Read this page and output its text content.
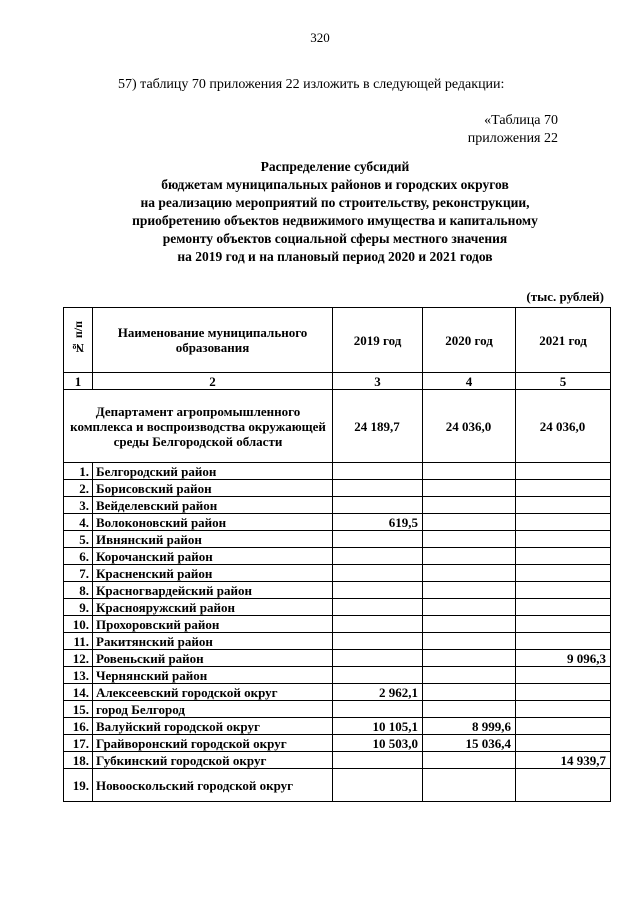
320
57) таблицу 70 приложения 22 изложить в следующей редакции:
«Таблица 70
приложения 22
Распределение субсидий
бюджетам муниципальных районов и городских округов
на реализацию мероприятий по строительству, реконструкции,
приобретению объектов недвижимого имущества и капитальному
ремонту объектов социальной сферы местного значения
на 2019 год и на плановый период 2020 и 2021 годов
(тыс. рублей)
№ п/п	Наименование муниципального образования	2019 год	2020 год	2021 год
1	2	3	4	5
Департамент агропромышленного комплекса и воспроизводства окружающей среды Белгородской области		24 189,7	24 036,0	24 036,0
1.	Белгородский район			
2.	Борисовский район			
3.	Вейделевский район			
4.	Волоконовский район	619,5		
5.	Ивнянский район			
6.	Корочанский район			
7.	Красненский район			
8.	Красногвардейский район			
9.	Краснояружский район			
10.	Прохоровский район			
11.	Ракитянский район			
12.	Ровеньский район			9 096,3
13.	Чернянский район			
14.	Алексеевский городской округ	2 962,1		
15.	город Белгород			
16.	Валуйский городской округ	10 105,1	8 999,6	
17.	Грайворонский городской округ	10 503,0	15 036,4	
18.	Губкинский городской округ			14 939,7
19.	Новооскольский городской округ			
